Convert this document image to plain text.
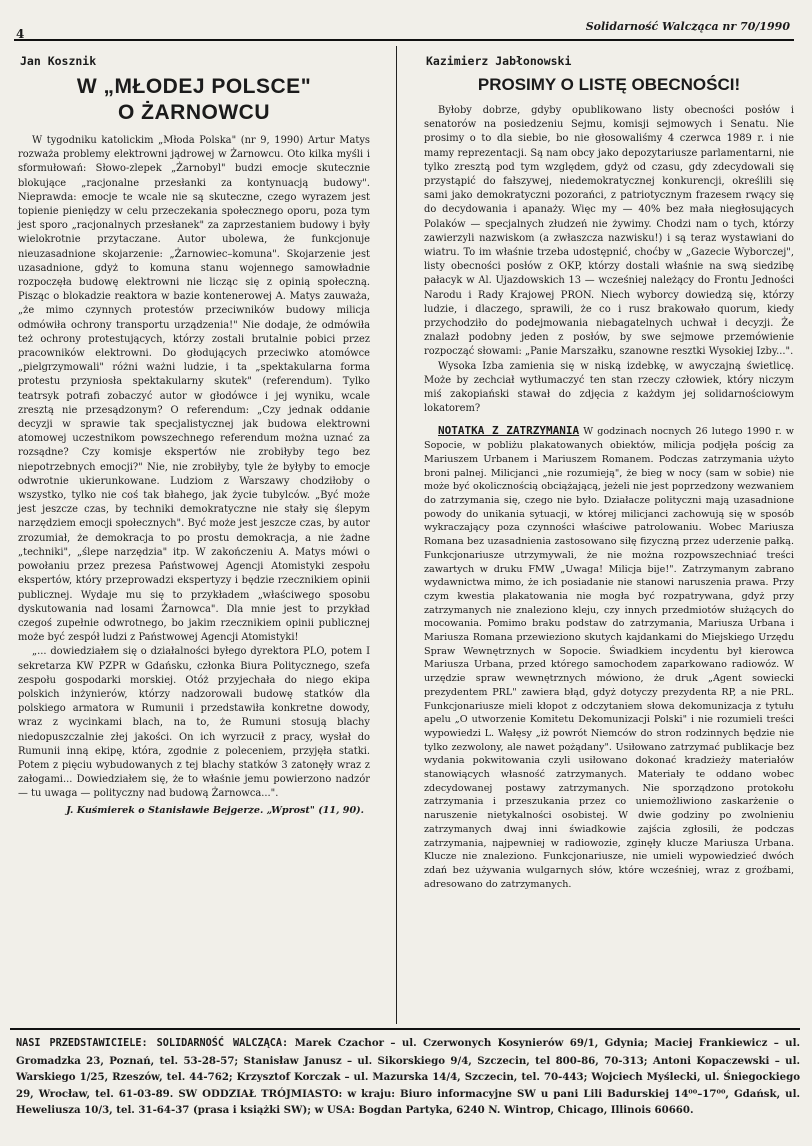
4
Solidarność Walcząca nr 70/1990
Jan Kosznik
W „MŁODEJ POLSCE"
O ŻARNOWCU

W tygodniku katolickim „Młoda Polska" (nr 9, 1990) Artur Matys rozważa problemy elektrowni jądrowej w Żarnowcu. Oto kilka myśli i sformułowań: Słowo-zlepek „Żarnobyl" budzi emocje skutecznie blokujące „racjonalne przesłanki za kontynuacją budowy". Nieprawda: emocje te wcale nie są skuteczne, czego wyrazem jest topienie pieniędzy w celu przeczekania społecznego oporu, poza tym jest sporo „racjonalnych przesłanek" za zaprzestaniem budowy i były wielokrotnie przytaczane. Autor ubolewa, że funkcjonuje nieuzasadnione skojarzenie: „Żarnowiec–komuna". Skojarzenie jest uzasadnione, gdyż to komuna stanu wojennego samowładnie rozpoczęła budowę elektrowni nie licząc się z opinią społeczną. Pisząc o blokadzie reaktora w bazie kontenerowej A. Matys zauważa, „że mimo czynnych protestów przeciwników budowy milicja odmówiła ochrony transportu urządzenia!" Nie dodaje, że odmówiła też ochrony protestujących, którzy zostali brutalnie pobici przez pracowników elektrowni. Do głodujących przeciwko atomówce „pielgrzymowali" różni ważni ludzie, i ta „spektakularna forma protestu przyniosła spektakularny skutek" (referendum). Tylko teatrsyk potrafi zobaczyć autor w głodówce i jej wyniku, wcale zresztą nie przesądzonym? O referendum: „Czy jednak oddanie decyzji w sprawie tak specjalistycznej jak budowa elektrowni atomowej uczestnikom powszechnego referendum można uznać za rozsądne? Czy komisje ekspertów nie zrobiłyby tego bez niepotrzebnych emocji?" Nie, nie zrobiłyby, tyle że byłyby to emocje odwrotnie ukierunkowane. Ludziom z Warszawy chodziłoby o wszystko, tylko nie coś tak błahego, jak życie tubylców. „Być może jest jeszcze czas, by techniki demokratyczne nie stały się ślepym narzędziem emocji społecznych". Być może jest jeszcze czas, by autor zrozumiał, że demokracja to po prostu demokracja, a nie żadne „techniki", „ślepe narzędzia" itp. W zakończeniu A. Matys mówi o powołaniu przez prezesa Państwowej Agencji Atomistyki zespołu ekspertów, który przeprowadzi ekspertyzy i będzie rzecznikiem opinii publicznej. Wydaje mu się to przykładem „właściwego sposobu dyskutowania nad losami Żarnowca". Dla mnie jest to przykład czegoś zupełnie odwrotnego, bo jakim rzecznikiem opinii publicznej może być zespół ludzi z Państwowej Agencji Atomistyki!

„... dowiedziałem się o działalności byłego dyrektora PLO, potem I sekretarza KW PZPR w Gdańsku, członka Biura Politycznego, szefa zespołu gospodarki morskiej. Otóż przyjechała do niego ekipa polskich inżynierów, którzy nadzorowali budowę statków dla polskiego armatora w Rumunii i przedstawiła konkretne dowody, wraz z wycinkami blach, na to, że Rumuni stosują blachy niedopuszczalnie złej jakości. On ich wyrzucił z pracy, wysłał do Rumunii inną ekipę, która, zgodnie z poleceniem, przyjęła statki. Potem z pięciu wybudowanych z tej blachy statków 3 zatonęły wraz z załogami... Dowiedziałem się, że to właśnie jemu powierzono nadzór — tu uwaga — polityczny nad budową Żarnowca...".

J. Kuśmierek o Stanisławie Bejgerze. „Wprost" (11, 90).
Kazimierz Jabłonowski
PROSIMY O LISTĘ OBECNOŚCI!

Byłoby dobrze, gdyby opublikowano listy obecności posłów i senatorów na posiedzeniu Sejmu, komisji sejmowych i Senatu. Nie prosimy o to dla siebie, bo nie głosowaliśmy 4 czerwca 1989 r. i nie mamy reprezentacji. Są nam obcy jako depozytariusze parlamentarni, nie tylko zresztą pod tym względem, gdyż od czasu, gdy zdecydowali się przystąpić do fałszywej, niedemokratycznej konkurencji, określili się sami jako demokratyczni pozorańci, z patriotycznym frazesem rwący się do decydowania i apanaży. Więc my — 40% bez mała niegłosujących Polaków — specjalnych złudzeń nie żywimy. Chodzi nam o tych, którzy zawierzyli nazwiskom (a zwłaszcza nazwisku!) i są teraz wystawiani do wiatru. To im właśnie trzeba udostępnić, choćby w „Gazecie Wyborczej", listy obecności posłów z OKP, którzy dostali właśnie na swą siedzibę pałacyk w Al. Ujazdowskich 13 — wcześniej należący do Frontu Jedności Narodu i Rady Krajowej PRON. Niech wyborcy dowiedzą się, którzy ludzie, i dlaczego, sprawili, że co i rusz brakowało quorum, kiedy przychodziło do podejmowania niebagatelnych uchwał i decyzji. Że znalazł podobny jeden z posłów, by swe sejmowe przemówienie rozpocząć słowami: „Panie Marszałku, szanowne resztki Wysokiej Izby...".

Wysoka Izba zamienia się w niską izdebkę, w awyczajną świetlicę. Może by zechciał wytłumaczyć ten stan rzeczy człowiek, który niczym miś zakopiański stawał do zdjęcia z każdym jej solidarnościowym lokatorem?

NOTATKA Z ZATRZYMANIA W godzinach nocnych 26 lutego 1990 r. w Sopocie, w pobliżu plakatowanych obiektów, milicja podjęła pościg za Mariuszem Urbanem i Mariuszem Romanem. Podczas zatrzymania użyto broni palnej. Milicjanci „nie rozumieją", że bieg w nocy (sam w sobie) nie może być okolicznością obciążającą, jeżeli nie jest poprzedzony wezwaniem do zatrzymania się, czego nie było. Działacze polityczni mają uzasadnione powody do unikania sytuacji, w której milicjanci zachowują się w sposób wykraczający poza czynności właściwe patrolowaniu. Wobec Mariusza Romana bez uzasadnienia zastosowano siłę fizyczną przez uderzenie pałką. Funkcjonariusze utrzymywali, że nie można rozpowszechniać treści zawartych w druku FMW „Uwaga! Milicja bije!". Zatrzymanym zabrano wydawnictwa mimo, że ich posiadanie nie stanowi naruszenia prawa. Przy czym kwestia plakatowania nie mogła być rozpatrywana, gdyż przy zatrzymanych nie znaleziono kleju, czy innych przedmiotów służących do mocowania. Pomimo braku podstaw do zatrzymania, Mariusza Urbana i Mariusza Romana przewieziono skutych kajdankami do Miejskiego Urzędu Spraw Wewnętrznych w Sopocie. Świadkiem incydentu był kierowca Mariusza Urbana, przed którego samochodem zaparkowano radiowóz. W urzędzie spraw wewnętrznych mówiono, że druk „Agent sowiecki prezydentem PRL" zawiera błąd, gdyż dotyczy prezydenta RP, a nie PRL. Funkcjonariusze mieli kłopot z odczytaniem słowa dekomunizacja z tytułu apelu „O utworzenie Komitetu Dekomunizacji Polski" i nie rozumieli treści wypowiedzi L. Wałęsy „iż powrót Niemców do stron rodzinnych będzie nie tylko zezwolony, ale nawet pożądany". Usiłowano zatrzymać publikacje bez wydania pokwitowania czyli usiłowano dokonać kradzieży materiałów stanowiących własność zatrzymanych. Materiały te oddano wobec zdecydowanej postawy zatrzymanych. Nie sporządzono protokołu zatrzymania i przeszukania przez co uniemożliwiono zaskarżenie o naruszenie nietykalności osobistej. W dwie godziny po zwolnieniu zatrzymanych dwaj inni świadkowie zajścia zgłosili, że podczas zatrzymania, najpewniej w radiowozie, zginęły klucze Mariusza Urbana. Klucze nie znaleziono. Funkcjonariusze, nie umieli wypowiedzieć dwóch zdań bez używania wulgarnych słów, które wcześniej, wraz z groźbami, adresowano do zatrzymanych.

NASI PRZEDSTAWICIELE: SOLIDARNOŚĆ WALCZĄCA: Marek Czachor – ul. Czerwonych Kosynierów 69/1, Gdynia; Maciej Frankiewicz – ul. Gromadzka 23, Poznań, tel. 53-28-57; Stanisław Janusz – ul. Sikorskiego 9/4, Szczecin, tel 800-86, 70-313; Antoni Kopaczewski – ul. Warskiego 1/25, Rzeszów, tel. 44-762; Krzysztof Korczak – ul. Mazurska 14/4, Szczecin, tel. 70-443; Wojciech Myślecki, ul. Śniegockiego 29, Wrocław, tel. 61-03-89. SW ODDZIAŁ TRÓJMIASTO: w kraju: Biuro informacyjne SW u pani Lili Badurskiej 14⁰⁰–17⁰⁰, Gdańsk, ul. Heweliusza 10/3, tel. 31-64-37 (prasa i książki SW); w USA: Bogdan Partyka, 6240 N. Wintrop, Chicago, Illinois 60660.
